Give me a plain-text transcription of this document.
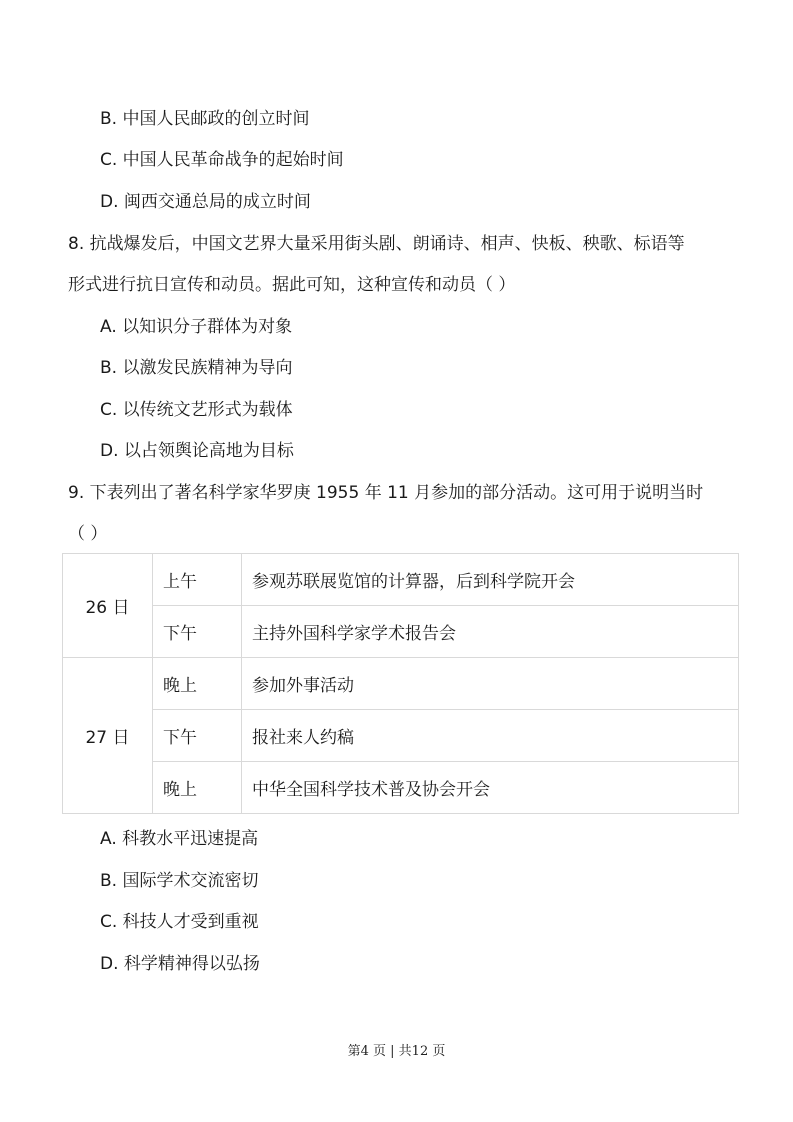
B. 中国人民邮政的创立时间
C. 中国人民革命战争的起始时间
D. 闽西交通总局的成立时间
8. 抗战爆发后，中国文艺界大量采用街头剧、朗诵诗、相声、快板、秧歌、标语等
形式进行抗日宣传和动员。据此可知，这种宣传和动员（ ）
A. 以知识分子群体为对象
B. 以激发民族精神为导向
C. 以传统文艺形式为载体
D. 以占领舆论高地为目标
9. 下表列出了著名科学家华罗庚 1955 年 11 月参加的部分活动。这可用于说明当时
（ ）
26 日	上午	参观苏联展览馆的计算器，后到科学院开会
	下午	主持外国科学家学术报告会
27 日	晚上	参加外事活动
	下午	报社来人约稿
	晚上	中华全国科学技术普及协会开会
A. 科教水平迅速提高
B. 国际学术交流密切
C. 科技人才受到重视
D. 科学精神得以弘扬
第4 页 | 共12 页
